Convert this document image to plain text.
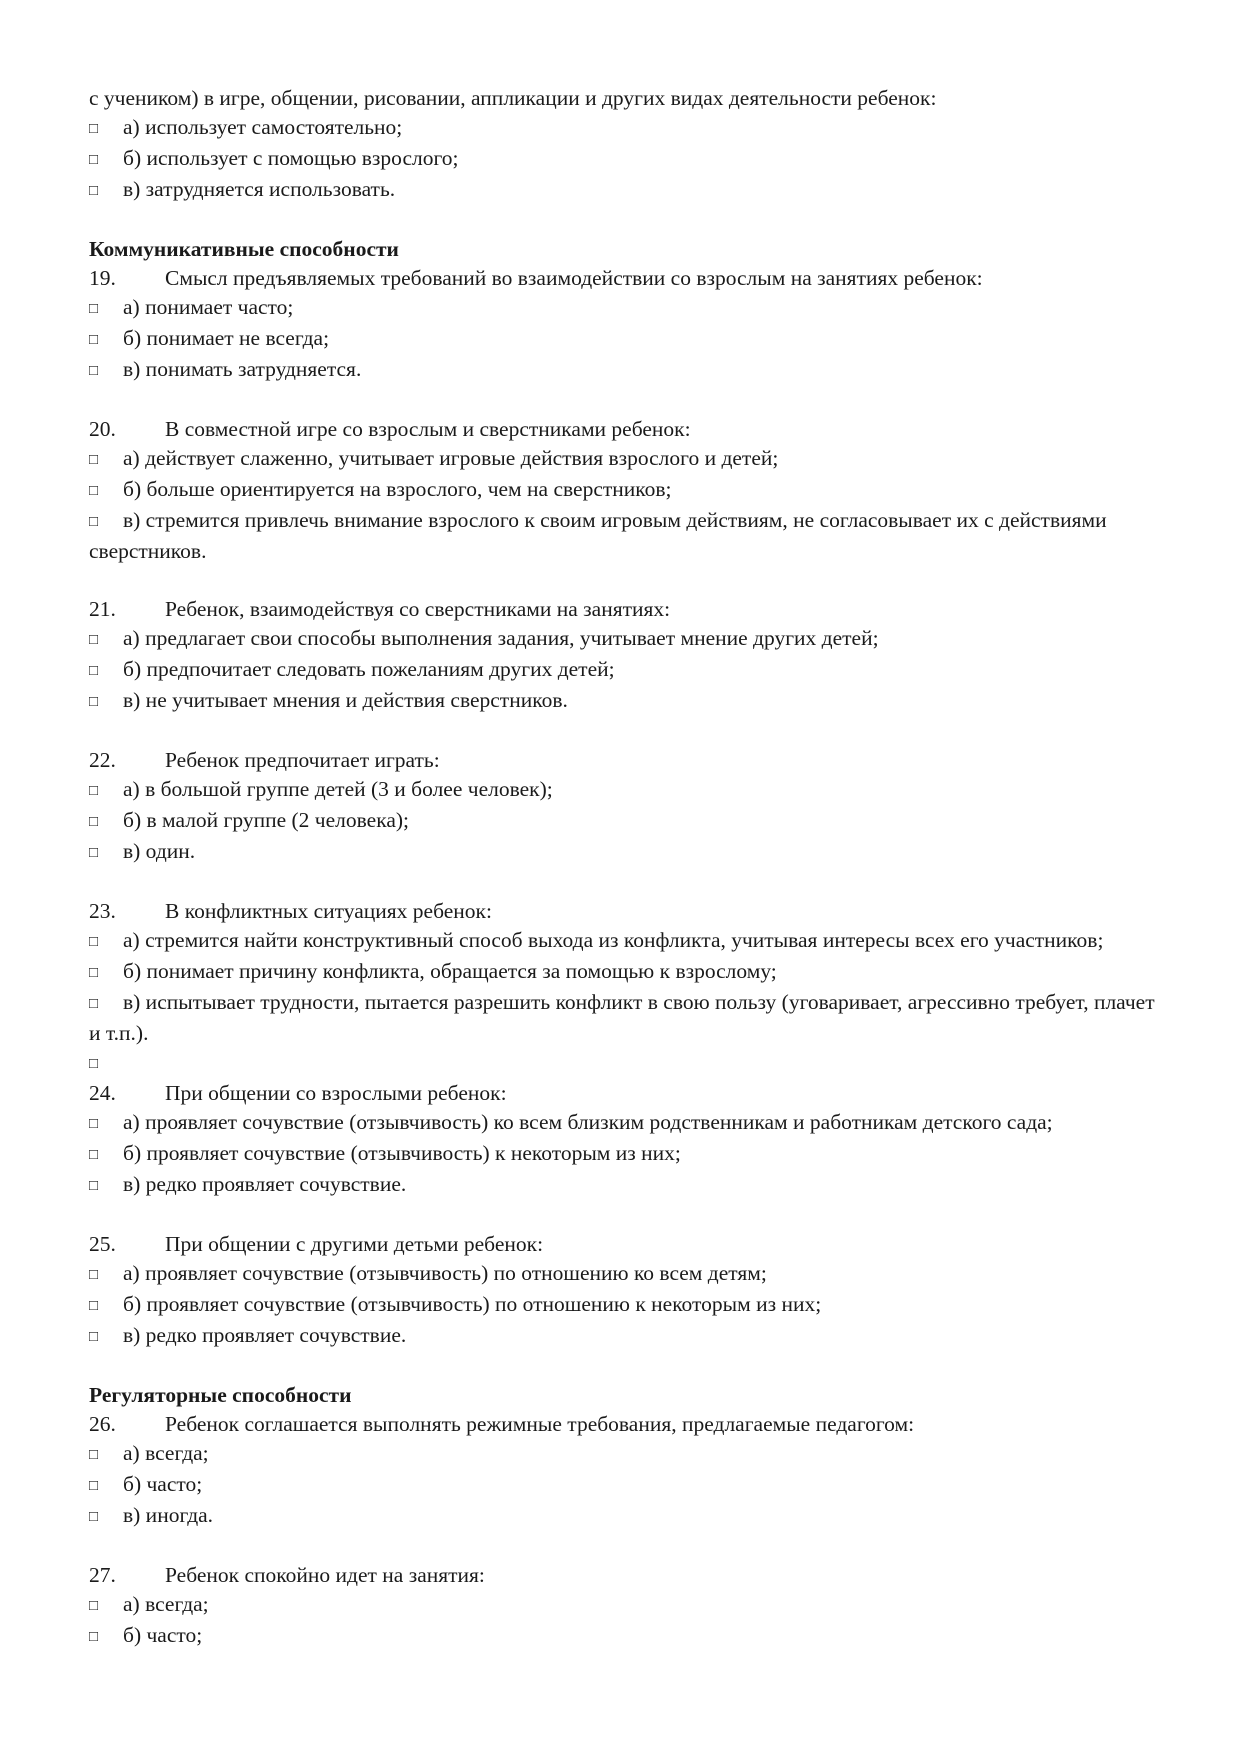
с учеником) в игре, общении, рисовании, аппликации и других видах деятельности ребенок:
□ а) использует самостоятельно;
□ б) использует с помощью взрослого;
□ в) затрудняется использовать.
Коммуникативные способности
19. Смысл предъявляемых требований во взаимодействии со взрослым на занятиях ребенок:
□ а) понимает часто;
□ б) понимает не всегда;
□ в) понимать затрудняется.
20. В совместной игре со взрослым и сверстниками ребенок:
□ а) действует слаженно, учитывает игровые действия взрослого и детей;
□ б) больше ориентируется на взрослого, чем на сверстников;
□ в) стремится привлечь внимание взрослого к своим игровым действиям, не согласовывает их с действиями сверстников.
21. Ребенок, взаимодействуя со сверстниками на занятиях:
□ а) предлагает свои способы выполнения задания, учитывает мнение других детей;
□ б) предпочитает следовать пожеланиям других детей;
□ в) не учитывает мнения и действия сверстников.
22. Ребенок предпочитает играть:
□ а) в большой группе детей (3 и более человек);
□ б) в малой группе (2 человека);
□ в) один.
23. В конфликтных ситуациях ребенок:
□ а) стремится найти конструктивный способ выхода из конфликта, учитывая интересы всех его участников;
□ б) понимает причину конфликта, обращается за помощью к взрослому;
□ в) испытывает трудности, пытается разрешить конфликт в свою пользу (уговаривает, агрессивно требует, плачет и т.п.).
□
24. При общении со взрослыми ребенок:
□ а) проявляет сочувствие (отзывчивость) ко всем близким родственникам и работникам детского сада;
□ б) проявляет сочувствие (отзывчивость) к некоторым из них;
□ в) редко проявляет сочувствие.
25. При общении с другими детьми ребенок:
□ а) проявляет сочувствие (отзывчивость) по отношению ко всем детям;
□ б) проявляет сочувствие (отзывчивость) по отношению к некоторым из них;
□ в) редко проявляет сочувствие.
Регуляторные способности
26. Ребенок соглашается выполнять режимные требования, предлагаемые педагогом:
□ а) всегда;
□ б) часто;
□ в) иногда.
27. Ребенок спокойно идет на занятия:
□ а) всегда;
□ б) часто;
